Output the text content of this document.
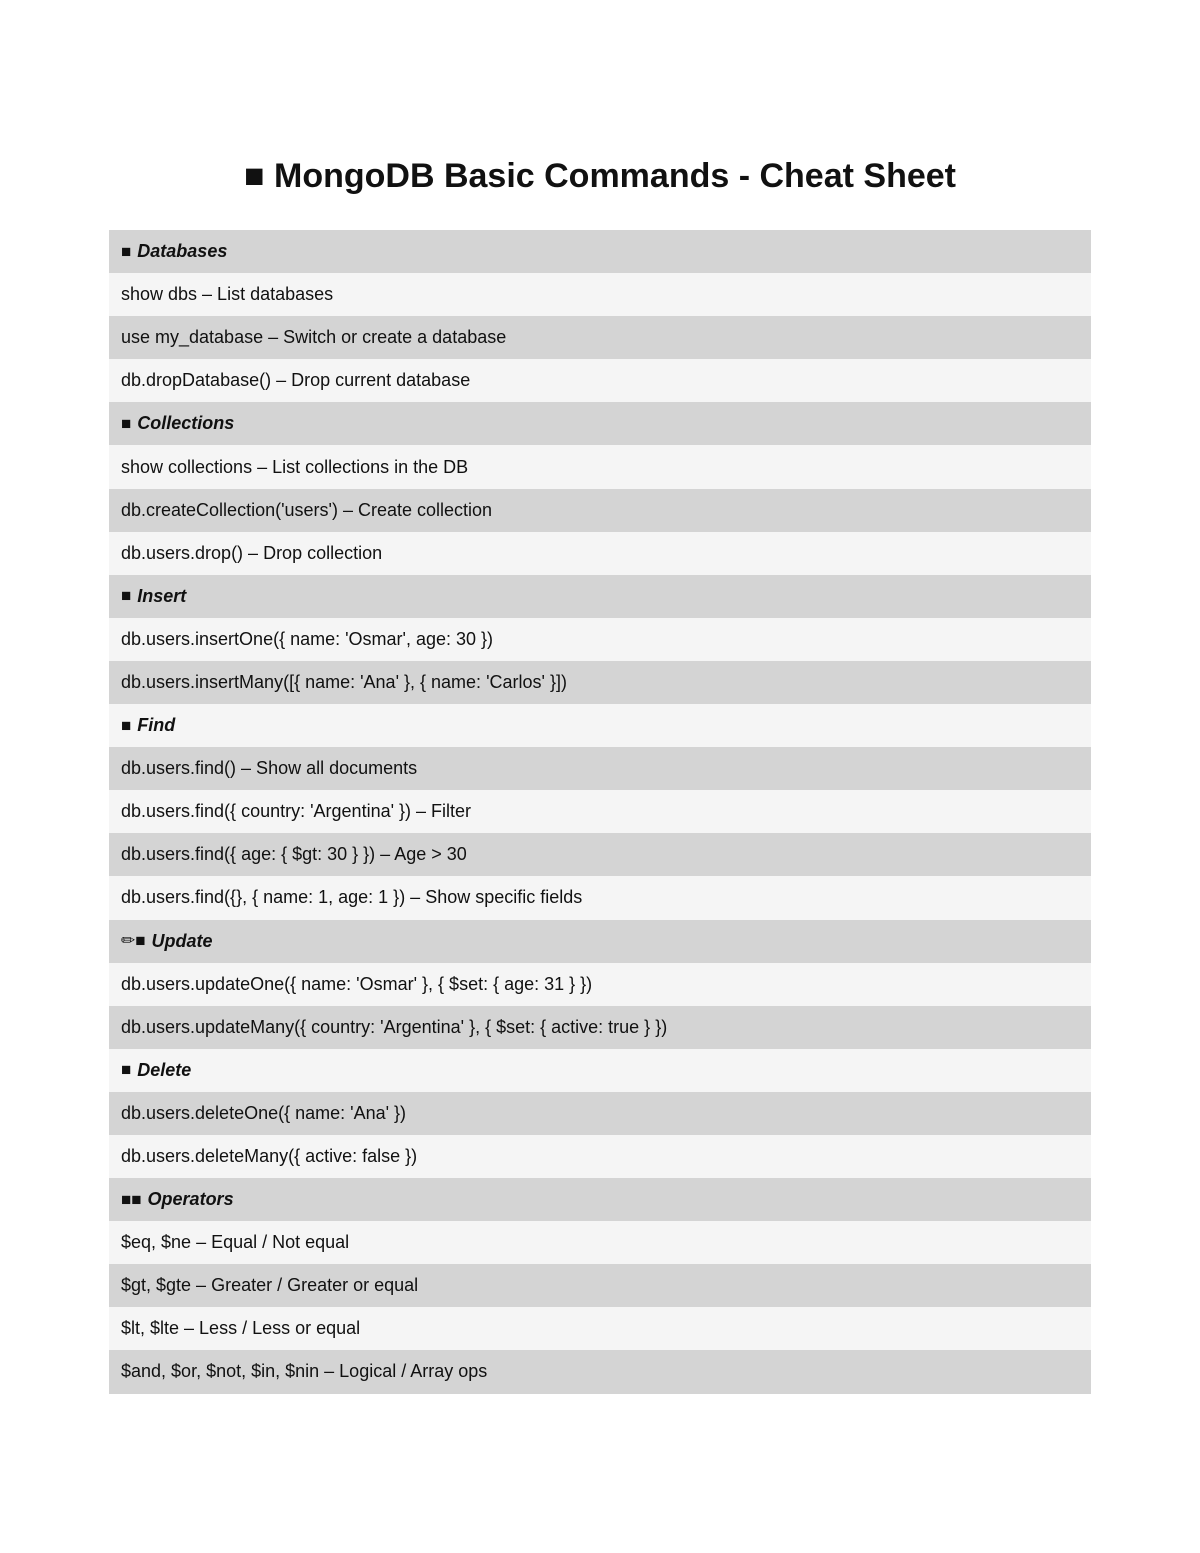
■ MongoDB Basic Commands - Cheat Sheet
■ Databases
show dbs – List databases
use my_database – Switch or create a database
db.dropDatabase() – Drop current database
■ Collections
show collections – List collections in the DB
db.createCollection('users') – Create collection
db.users.drop() – Drop collection
■ Insert
db.users.insertOne({ name: 'Osmar', age: 30 })
db.users.insertMany([{ name: 'Ana' }, { name: 'Carlos' }])
■ Find
db.users.find() – Show all documents
db.users.find({ country: 'Argentina' }) – Filter
db.users.find({ age: { $gt: 30 } }) – Age > 30
db.users.find({}, { name: 1, age: 1 }) – Show specific fields
✏■ Update
db.users.updateOne({ name: 'Osmar' }, { $set: { age: 31 } })
db.users.updateMany({ country: 'Argentina' }, { $set: { active: true } })
■ Delete
db.users.deleteOne({ name: 'Ana' })
db.users.deleteMany({ active: false })
■■ Operators
$eq, $ne – Equal / Not equal
$gt, $gte – Greater / Greater or equal
$lt, $lte – Less / Less or equal
$and, $or, $not, $in, $nin – Logical / Array ops
